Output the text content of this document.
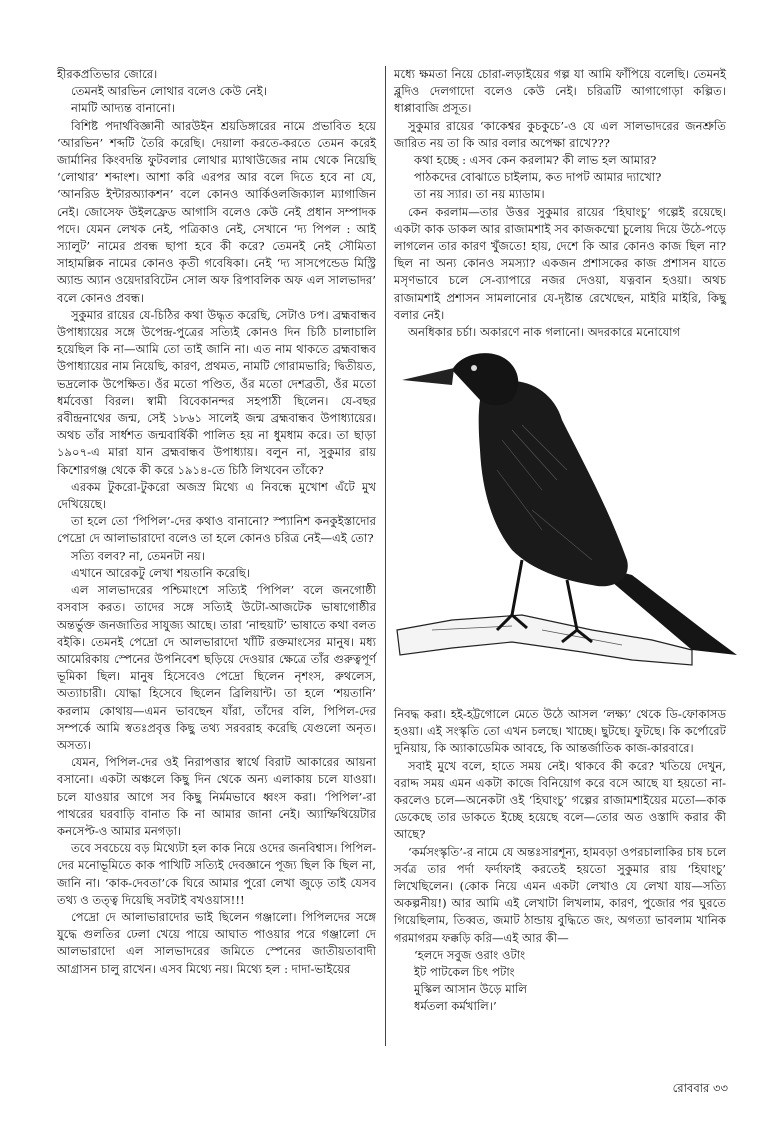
হীরকপ্রতিভার জোরে।

তেমনই আরভিন লোথার বলেও কেউ নেই।

নামটি আদ্যন্ত বানানো।

বিশিষ্ট পদার্থবিজ্ঞানী আরউইন শ্রয়ডিঙ্গারের নামে প্রভাবিত হয়ে ‘আরভিন’ শব্দটি তৈরি করেছি। দেয়ালা করতে-করতে তেমন করেই জার্মানির কিংবদন্তি ফুটবলার লোথার ম্যাথাউজের নাম থেকে নিয়েছি ‘লোথার’ শব্দাংশ। আশা করি এরপর আর বলে দিতে হবে না যে, ‘আনরিড ইন্টারঅ্যাকশন’ বলে কোনও আর্কিওলজিক্যাল ম্যাগাজিন নেই। জোসেফ উইলফ্রেড আগাসি বলেও কেউ নেই প্রধান সম্পাদক পদে। যেমন লেখক নেই, পত্রিকাও নেই, সেখানে ‘দ্য পিপল : আই স্যালুট’ নামের প্রবন্ধ ছাপা হবে কী করে? তেমনই নেই সৌমিতা সাহামল্লিক নামের কোনও কৃতী গবেষিকা। নেই ‘দ্য সাসপেন্ডেড মিস্ট্রি অ্যান্ড অ্যান ওয়েদারবিটেন সোল অফ রিপাবলিক অফ এল সালভাদর’ বলে কোনও প্রবন্ধ।

সুকুমার রায়ের যে-চিঠির কথা উদ্ধৃত করেছি, সেটাও ঢপ। ব্রহ্মবান্ধব উপাধ্যায়ের সঙ্গে উপেন্দ্র-পুত্রের সত্যিই কোনও দিন চিঠি চালাচালি হয়েছিল কি না—আমি তো তাই জানি না। এত নাম থাকতে ব্রহ্মবান্ধব উপাধ্যায়ের নাম নিয়েছি, কারণ, প্রথমত, নামটি গোরামভারি; দ্বিতীয়ত, ভদ্রলোক উপেক্ষিত। ওঁর মতো পণ্ডিত, ওঁর মতো দেশব্রতী, ওঁর মতো ধর্মবেত্তা বিরল। স্বামী বিবেকানন্দর সহপাঠী ছিলেন। যে-বছর রবীন্দ্রনাথের জন্ম, সেই ১৮৬১ সালেই জন্ম ব্রহ্মবান্ধব উপাধ্যায়ের। অথচ তাঁর সার্ধশত জন্মবার্ষিকী পালিত হয় না ধুমধাম করে। তা ছাড়া ১৯০৭-এ মারা যান ব্রহ্মবান্ধব উপাধ্যায়। বলুন না, সুকুমার রায় কিশোরগঞ্জ থেকে কী করে ১৯১৪-তে চিঠি লিখবেন তাঁকে?

এরকম টুকরো-টুকরো অজস্র মিথ্যে এ নিবন্ধে মুখোশ এঁটে মুখ দেখিয়েছে।

তা হলে তো ‘পিপিল’-দের কথাও বানানো? স্প্যানিশ কনকুইস্তাদোর পেদ্রো দে আলাভারাদো বলেও তা হলে কোনও চরিত্র নেই—এই তো?

সত্যি বলব? না, তেমনটা নয়।

এখানে আরেকটু লেখা শয়তানি করেছি।

এল সালভাদরের পশ্চিমাংশে সত্যিই ‘পিপিল’ বলে জনগোষ্ঠী বসবাস করত। তাদের সঙ্গে সত্যিই উটো-আজটেক ভাষাগোষ্ঠীর অন্তর্ভুক্ত জনজাতির সাযুজ্য আছে। তারা ‘নাহুয়াট’ ভাষাতে কথা বলত বইকি। তেমনই পেদ্রো দে আলভারাদো খাঁটি রক্তমাংসের মানুষ। মধ্য আমেরিকায় স্পেনের উপনিবেশ ছড়িয়ে দেওয়ার ক্ষেত্রে তাঁর গুরুত্বপূর্ণ ভূমিকা ছিল। মানুষ হিসেবেও পেদ্রো ছিলেন নৃশংস, রুথলেস, অত্যাচারী। যোদ্ধা হিসেবে ছিলেন ব্রিলিয়ান্ট। তা হলে ‘শয়তানি’ করলাম কোথায়—এমন ভাবছেন যাঁরা, তাঁদের বলি, পিপিল-দের সম্পর্কে আমি স্বতঃপ্রবৃত্ত কিছু তথ্য সরবরাহ করেছি যেগুলো অনৃত। অসত্য।

যেমন, পিপিল-দের ওই নিরাপত্তার স্বার্থে বিরাট আকারের আয়না বসানো। একটা অঞ্চলে কিছু দিন থেকে অন্য এলাকায় চলে যাওয়া। চলে যাওয়ার আগে সব কিছু নির্মমভাবে ধ্বংস করা। ‘পিপিল’-রা পাথরের ঘরবাড়ি বানাত কি না আমার জানা নেই। অ্যাম্ফিথিয়েটার কনসেপ্ট-ও আমার মনগড়া।

তবে সবচেয়ে বড় মিথ্যেটা হল কাক নিয়ে ওদের জনবিশ্বাস। পিপিল-দের মনোভূমিতে কাক পাখিটি সত্যিই দেবজ্ঞানে পূজ্য ছিল কি ছিল না, জানি না। ‘কাক-দেবতা’কে ঘিরে আমার পুরো লেখা জুড়ে তাই যেসব তথ্য ও তত্ত্ব দিয়েছি সবটাই বখওয়াস!!!

পেদ্রো দে আলাভারাদোর ভাই ছিলেন গঞ্জালো। পিপিলদের সঙ্গে যুদ্ধে গুলতির ঢেলা খেয়ে পায়ে আঘাত পাওয়ার পরে গঞ্জালো দে আলভারাদো এল সালভাদরের জমিতে স্পেনের জাতীয়তাবাদী আগ্রাসন চালু রাখেন। এসব মিথ্যে নয়। মিথ্যে হল : দাদা-ভাইয়ের

মধ্যে ক্ষমতা নিয়ে চোরা-লড়াইয়ের গল্প যা আমি ফাঁপিয়ে বলেছি। তেমনই ব্লুদিও দেলগাদো বলেও কেউ নেই। চরিত্রটি আগাগোড়া কল্পিত। ধাপ্পাবাজি প্রসূত।

সুকুমার রায়ের ‘কাকেশ্বর কুচকুচে’-ও যে এল সালভাদরের জনশ্রুতি জারিত নয় তা কি আর বলার অপেক্ষা রাখে???

কথা হচ্ছে : এসব কেন করলাম? কী লাভ হল আমার?

পাঠকদের বোঝাতে চাইলাম, কত দাপট আমার দ্যাখো?

তা নয় স্যার। তা নয় ম্যাডাম।

কেন করলাম—তার উত্তর সুকুমার রায়ের ‘হিঘাংচু’ গল্পেই রয়েছে। একটা কাক ডাকল আর রাজামশাই সব কাজকম্মো চুলোয় দিয়ে উঠে-পড়ে লাগলেন তার কারণ খুঁজতে! হায়, দেশে কি আর কোনও কাজ ছিল না? ছিল না অন্য কোনও সমস্যা? একজন প্রশাসকের কাজ প্রশাসন যাতে মসৃণভাবে চলে সে-ব্যাপারে নজর দেওয়া, যত্নবান হওয়া। অথচ রাজামশাই প্রশাসন সামলানোর যে-দৃষ্টান্ত রেখেছেন, মাইরি মাইরি, কিছু বলার নেই।

অনধিকার চর্চা। অকারণে নাক গলানো। অদরকারে মনোযোগ

নিবদ্ধ করা। হই-হট্টগোলে মেতে উঠে আসল ‘লক্ষ্য’ থেকে ডি-ফোকাসড হওয়া। এই সংস্কৃতি তো এখন চলছে। খাচ্ছে। ছুটছে। ফুটছে। কি কর্পোরেট দুনিয়ায়, কি অ্যাকাডেমিক আবহে, কি আন্তর্জাতিক কাজ-কারবারে।

সবাই মুখে বলে, হাতে সময় নেই। থাকবে কী করে? খতিয়ে দেখুন, বরাদ্দ সময় এমন একটা কাজে বিনিয়োগ করে বসে আছে যা হয়তো না-করলেও চলে—অনেকটা ওই ‘হিঘাংচু’ গল্পের রাজামশাইয়ের মতো—কাক ডেকেছে তার ডাকতে ইচ্ছে হয়েছে বলে—তোর অত ওস্তাদি করার কী আছে?

‘কর্মসংস্কৃতি’-র নামে যে অন্তঃসারশূন্য, হামবড়া ওপরচালাকির চাষ চলে সর্বত্র তার পর্দা ফর্দাফাই করতেই হয়তো সুকুমার রায় ‘হিঘাংচু’ লিখেছিলেন। (কোক নিয়ে এমন একটা লেখাও যে লেখা যায়—সত্যি অকল্পনীয়!) আর আমি এই লেখাটা লিখলাম, কারণ, পুজোর পর ঘুরতে গিয়েছিলাম, তিব্বত, জমাট ঠান্ডায় বুদ্ধিতে জং, অগত্যা ভাবলাম খানিক গরমাগরম ফক্কড়ি করি—এই আর কী—

‘হলদে সবুজ ওরাং ওটাং

ইট পাটকেল চিৎ পটাং

মুস্কিল আসান উড়ে মালি

ধর্মতলা কর্মখালি।’

রোববার ৩৩
